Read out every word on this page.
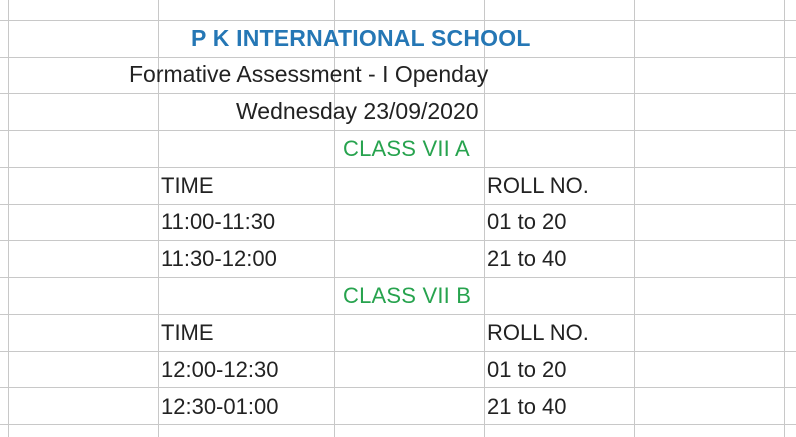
P K INTERNATIONAL SCHOOL
Formative Assessment - I Openday
Wednesday 23/09/2020
CLASS VII A
TIME	ROLL NO.
11:00-11:30	01 to 20
11:30-12:00	21 to 40
CLASS VII B
TIME	ROLL NO.
12:00-12:30	01 to 20
12:30-01:00	21 to 40
